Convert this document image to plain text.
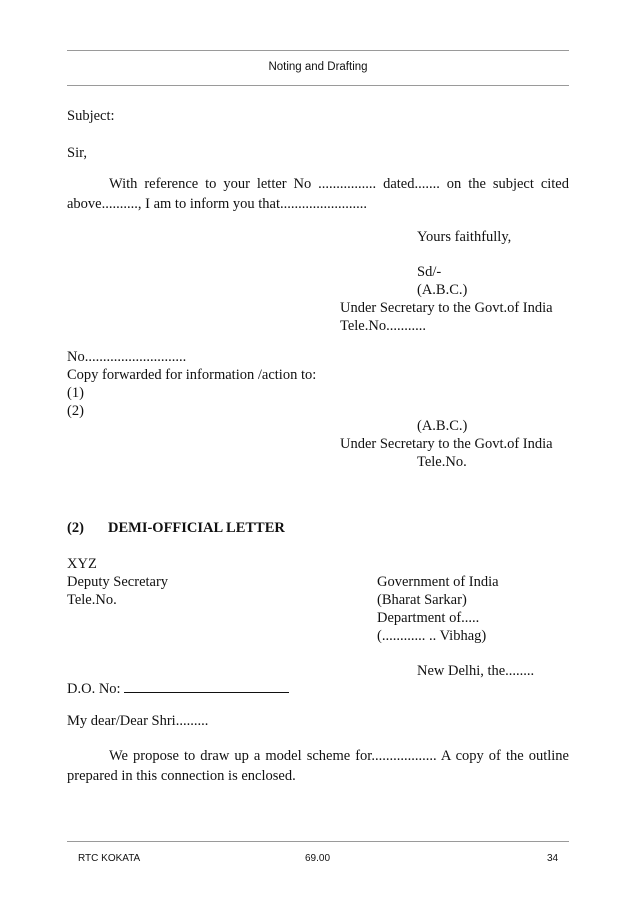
Noting and Drafting
Subject:
Sir,
With reference to your letter No ................ dated....... on the subject cited above.........., I am to inform you that........................
Yours faithfully,
Sd/-
(A.B.C.)
Under Secretary to the Govt.of India
Tele.No...........
No............................
Copy forwarded for information /action to:
(1)
(2)
(A.B.C.)
Under Secretary to the Govt.of India
Tele.No.
(2) DEMI-OFFICIAL LETTER
XYZ
Deputy Secretary
Tele.No.
Government of India
(Bharat Sarkar)
Department of.....
(............ .. Vibhag)
New Delhi, the........
D.O. No:
My dear/Dear Shri.........
We propose to draw up a model scheme for.................. A copy of the outline prepared in this connection is enclosed.
RTC KOKATA	69.00	34
